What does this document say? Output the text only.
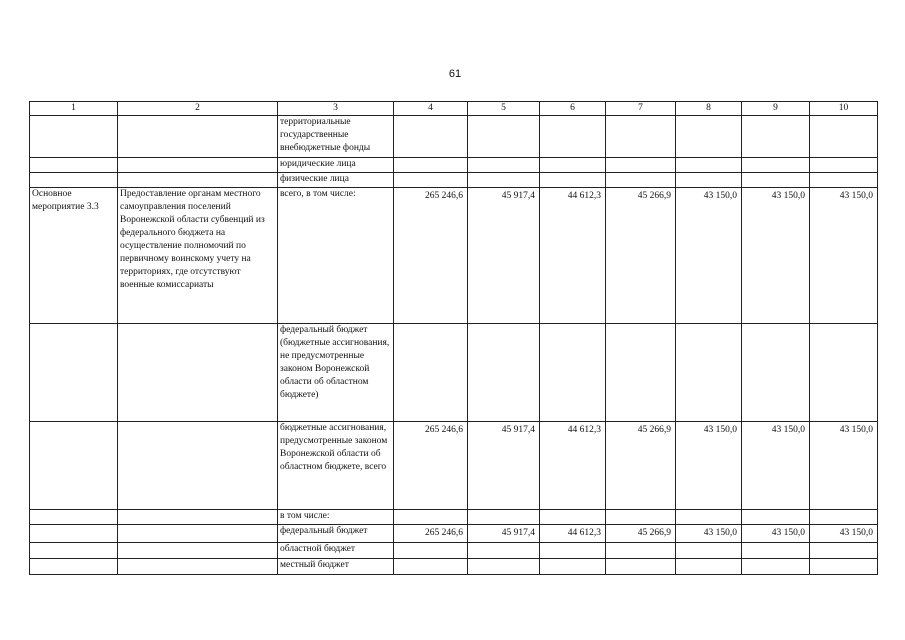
61
1	2	3	4	5	6	7	8	9	10
		территориальные государственные внебюджетные фонды							
		юридические лица							
		физические лица							
Основное мероприятие 3.3	Предоставление органам местного самоуправления поселений Воронежской области субвенций из федерального бюджета на осуществление полномочий по первичному воинскому учету на территориях, где отсутствуют военные комиссариаты	всего, в том числе:	265 246,6	45 917,4	44 612,3	45 266,9	43 150,0	43 150,0	43 150,0
		федеральный бюджет (бюджетные ассигнования, не предусмотренные законом Воронежской области об областном бюджете)							
		бюджетные ассигнования, предусмотренные законом Воронежской области об областном бюджете, всего	265 246,6	45 917,4	44 612,3	45 266,9	43 150,0	43 150,0	43 150,0
		в том числе:							
		федеральный бюджет	265 246,6	45 917,4	44 612,3	45 266,9	43 150,0	43 150,0	43 150,0
		областной бюджет							
		местный бюджет							
